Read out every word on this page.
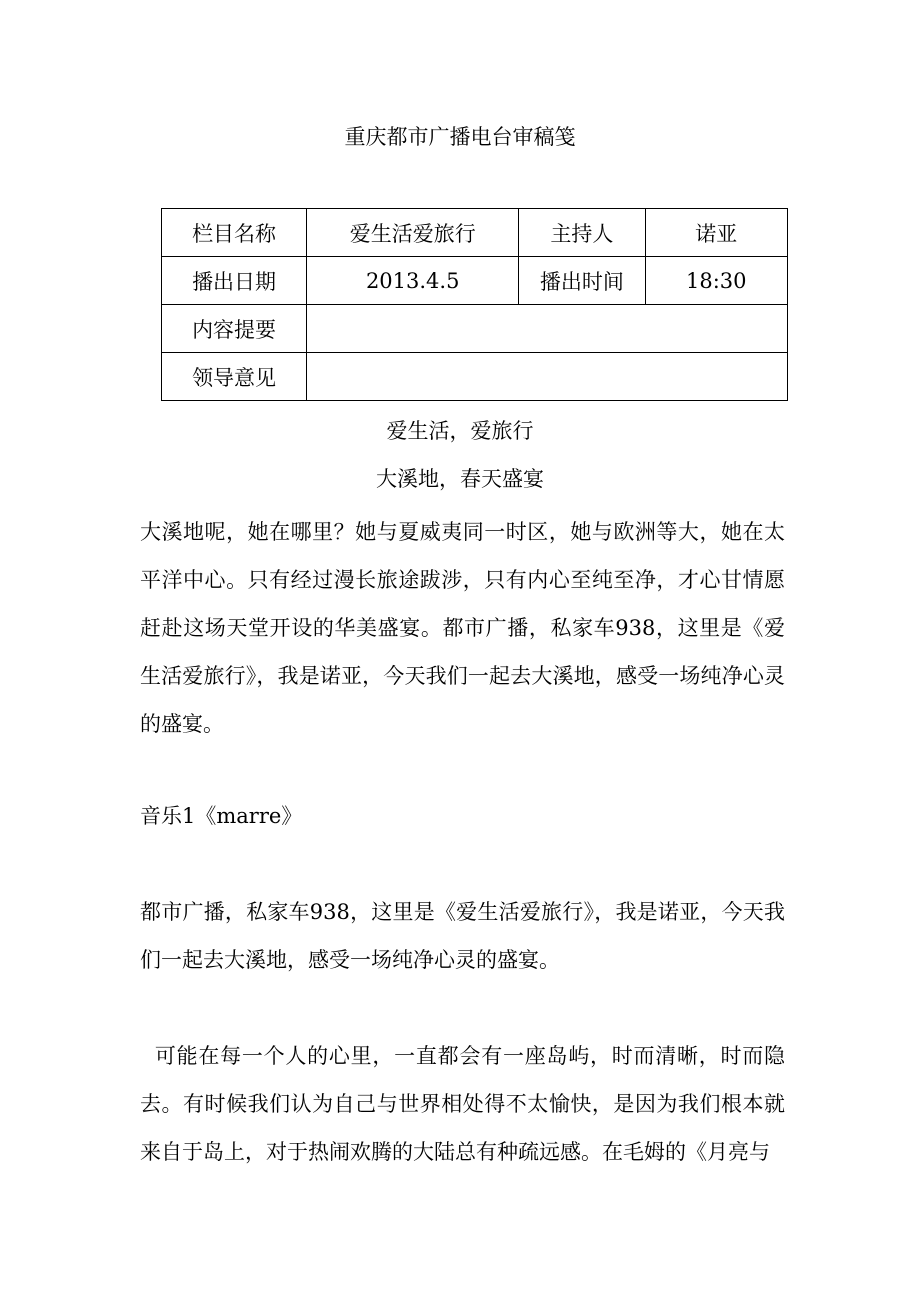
重庆都市广播电台审稿笺
栏目名称	爱生活爱旅行	主持人	诺亚
播出日期	2013.4.5	播出时间	18:30
内容提要			
领导意见			
爱生活，爱旅行
大溪地，春天盛宴

大溪地呢，她在哪里？她与夏威夷同一时区，她与欧洲等大，她在太平洋中心。只有经过漫长旅途跋涉，只有内心至纯至净，才心甘情愿赶赴这场天堂开设的华美盛宴。都市广播，私家车938，这里是《爱生活爱旅行》，我是诺亚，今天我们一起去大溪地，感受一场纯净心灵的盛宴。

音乐1《marre》

都市广播，私家车938，这里是《爱生活爱旅行》，我是诺亚，今天我们一起去大溪地，感受一场纯净心灵的盛宴。

可能在每一个人的心里，一直都会有一座岛屿，时而清晰，时而隐去。有时候我们认为自己与世界相处得不太愉快，是因为我们根本就来自于岛上，对于热闹欢腾的大陆总有种疏远感。在毛姆的《月亮与
